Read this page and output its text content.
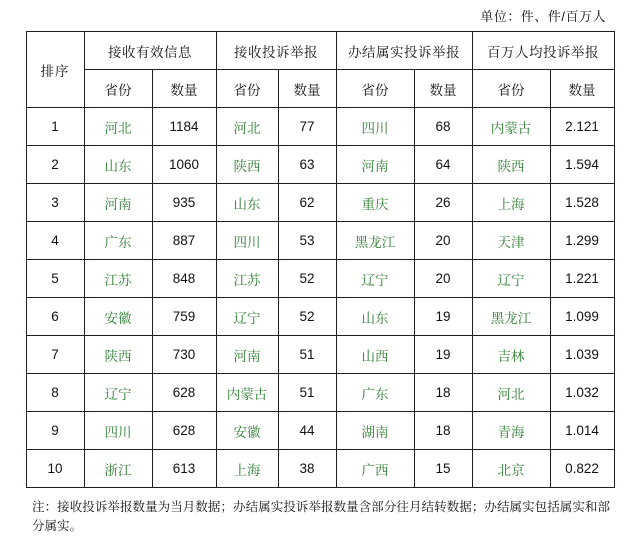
单位：件、件/百万人
排序	接收有效信息		接收投诉举报		办结属实投诉举报		百万人均投诉举报	
	省份	数量	省份	数量	省份	数量	省份	数量
1	河北	1184	河北	77	四川	68	内蒙古	2.121
2	山东	1060	陕西	63	河南	64	陕西	1.594
3	河南	935	山东	62	重庆	26	上海	1.528
4	广东	887	四川	53	黑龙江	20	天津	1.299
5	江苏	848	江苏	52	辽宁	20	辽宁	1.221
6	安徽	759	辽宁	52	山东	19	黑龙江	1.099
7	陕西	730	河南	51	山西	19	吉林	1.039
8	辽宁	628	内蒙古	51	广东	18	河北	1.032
9	四川	628	安徽	44	湖南	18	青海	1.014
10	浙江	613	上海	38	广西	15	北京	0.822
注：接收投诉举报数量为当月数据；办结属实投诉举报数量含部分往月结转数据；办结属实包括属实和部分属实。
